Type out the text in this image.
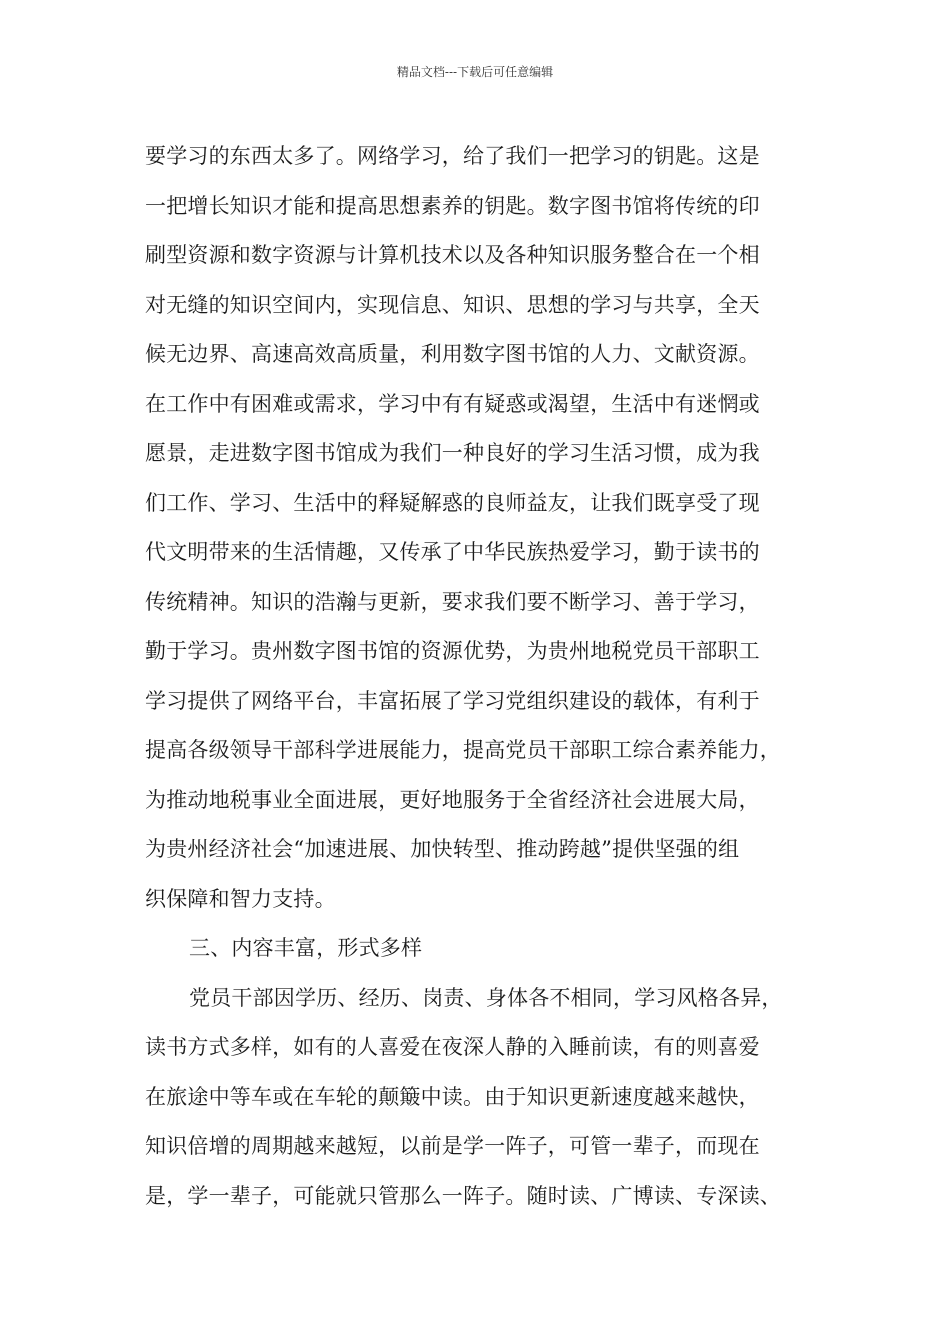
精品文档---下载后可任意编辑
要学习的东西太多了。网络学习，给了我们一把学习的钥匙。这是
一把增长知识才能和提高思想素养的钥匙。数字图书馆将传统的印
刷型资源和数字资源与计算机技术以及各种知识服务整合在一个相
对无缝的知识空间内，实现信息、知识、思想的学习与共享，全天
候无边界、高速高效高质量，利用数字图书馆的人力、文献资源。
在工作中有困难或需求，学习中有有疑惑或渴望，生活中有迷惘或
愿景，走进数字图书馆成为我们一种良好的学习生活习惯，成为我
们工作、学习、生活中的释疑解惑的良师益友，让我们既享受了现
代文明带来的生活情趣，又传承了中华民族热爱学习，勤于读书的
传统精神。知识的浩瀚与更新，要求我们要不断学习、善于学习，
勤于学习。贵州数字图书馆的资源优势，为贵州地税党员干部职工
学习提供了网络平台，丰富拓展了学习党组织建设的载体，有利于
提高各级领导干部科学进展能力，提高党员干部职工综合素养能力，
为推动地税事业全面进展，更好地服务于全省经济社会进展大局，
为贵州经济社会“加速进展、加快转型、推动跨越”提供坚强的组
织保障和智力支持。
三、内容丰富，形式多样
党员干部因学历、经历、岗责、身体各不相同，学习风格各异，
读书方式多样，如有的人喜爱在夜深人静的入睡前读，有的则喜爱
在旅途中等车或在车轮的颠簸中读。由于知识更新速度越来越快，
知识倍增的周期越来越短，以前是学一阵子，可管一辈子，而现在
是，学一辈子，可能就只管那么一阵子。随时读、广博读、专深读、
